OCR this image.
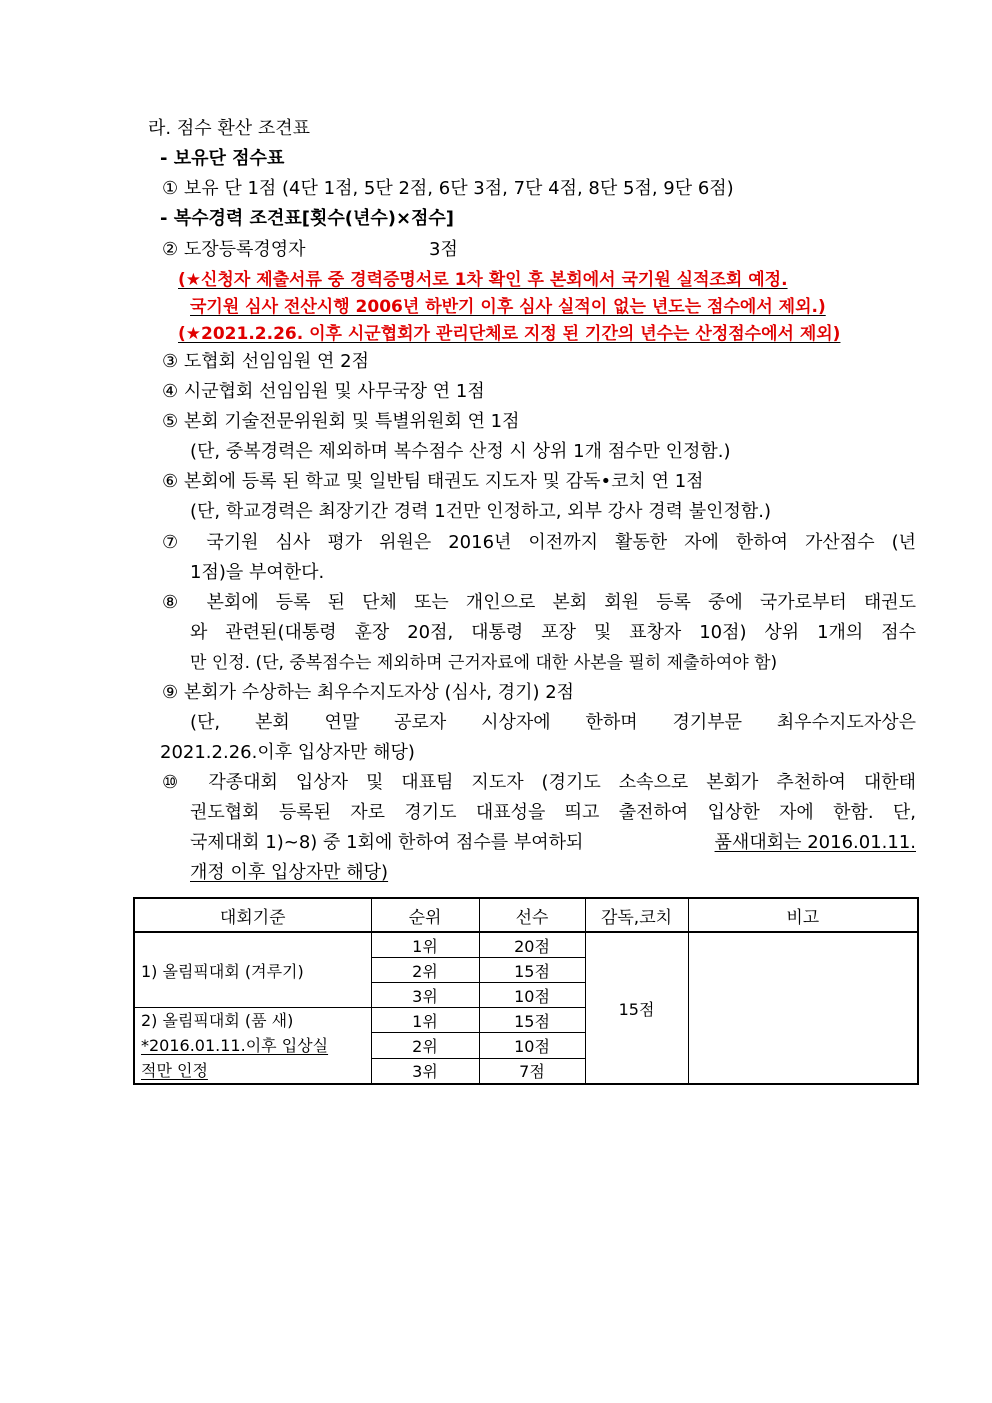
라. 점수 환산 조견표
- 보유단 점수표
① 보유 단 1점 (4단 1점, 5단 2점, 6단 3점, 7단 4점, 8단 5점, 9단 6점)
- 복수경력 조견표[횟수(년수)×점수]
② 도장등록경영자	3점
(★신청자 제출서류 중 경력증명서로 1차 확인 후 본회에서 국기원 실적조회 예정.
국기원 심사 전산시행 2006년 하반기 이후 심사 실적이 없는 년도는 점수에서 제외.)
(★2021.2.26. 이후 시군협회가 관리단체로 지정 된 기간의 년수는 산정점수에서 제외)
③ 도협회 선임임원 연 2점
④ 시군협회 선임임원 및 사무국장 연 1점
⑤ 본회 기술전문위원회 및 특별위원회 연 1점
(단, 중복경력은 제외하며 복수점수 산정 시 상위 1개 점수만 인정함.)
⑥ 본회에 등록 된 학교 및 일반팀 태권도 지도자 및 감독•코치 연 1점
(단, 학교경력은 최장기간 경력 1건만 인정하고, 외부 강사 경력 불인정함.)
⑦ 국기원 심사 평가 위원은 2016년 이전까지 활동한 자에 한하여 가산점수 (년
1점)을 부여한다.
⑧ 본회에 등록 된 단체 또는 개인으로 본회 회원 등록 중에 국가로부터 태권도
와 관련된(대통령 훈장 20점, 대통령 포장 및 표창자 10점) 상위 1개의 점수
만 인정. (단, 중복점수는 제외하며 근거자료에 대한 사본을 필히 제출하여야 함)
⑨ 본회가 수상하는 최우수지도자상 (심사, 경기) 2점
(단, 본회 연말 공로자 시상자에 한하며 경기부문 최우수지도자상은
2021.2.26.이후 입상자만 해당)
⑩ 각종대회 입상자 및 대표팀 지도자 (경기도 소속으로 본회가 추천하여 대한태
권도협회 등록된 자로 경기도 대표성을 띄고 출전하여 입상한 자에 한함. 단,
국제대회 1)~8) 중 1회에 한하여 점수를 부여하되	품새대회는 2016.01.11.
개정 이후 입상자만 해당)
대회기준	순위	선수	감독,코치	비고
1) 올림픽대회 (겨루기)	1위	20점	15점	
	2위	15점		
	3위	10점		

2) 올림픽대회 (품 새)
*2016.01.11.이후 입상실
적만 인정	1위	15점		
	2위	10점		
	3위	7점		
